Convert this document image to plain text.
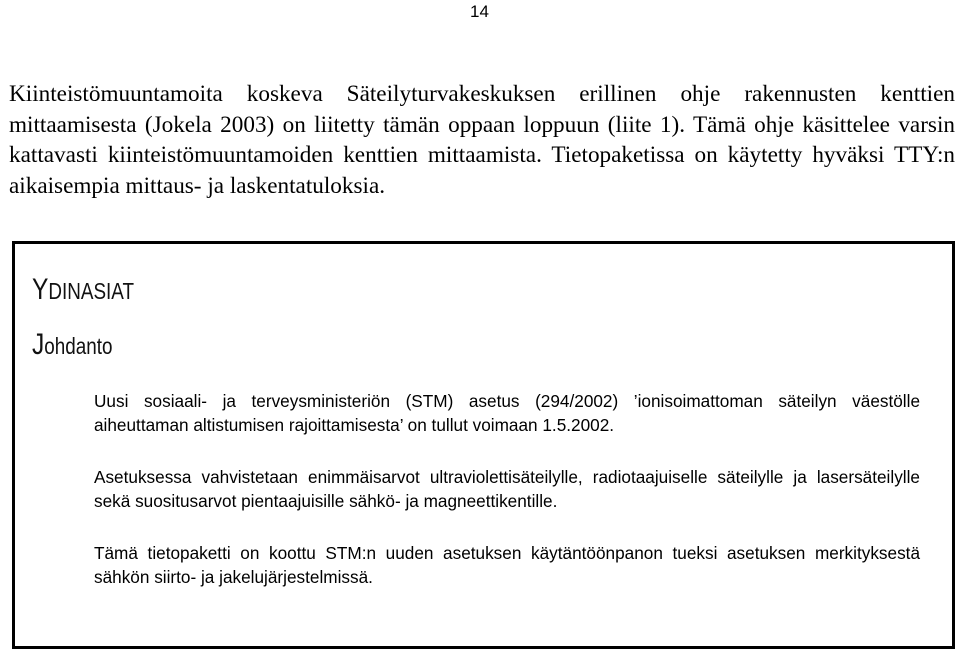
14

Kiinteistömuuntamoita koskeva Säteilyturvakeskuksen erillinen ohje rakennusten kenttien mittaamisesta (Jokela 2003) on liitetty tämän oppaan loppuun (liite 1). Tämä ohje käsittelee varsin kattavasti kiinteistömuuntamoiden kenttien mittaamista. Tietopaketissa on käytetty hyväksi TTY:n aikaisempia mittaus- ja laskentatuloksia.

YDINASIAT
Johdanto

Uusi sosiaali- ja terveysministeriön (STM) asetus (294/2002) ’ionisoimattoman säteilyn väestölle aiheuttaman altistumisen rajoittamisesta’ on tullut voimaan 1.5.2002.

Asetuksessa vahvistetaan enimmäisarvot ultraviolettisäteilylle, radiotaajuiselle säteilylle ja lasersäteilylle sekä suositusarvot pientaajuisille sähkö- ja magneettikentille.

Tämä tietopaketti on koottu STM:n uuden asetuksen käytäntöönpanon tueksi asetuksen merkityksestä sähkön siirto- ja jakelujärjestelmissä.
